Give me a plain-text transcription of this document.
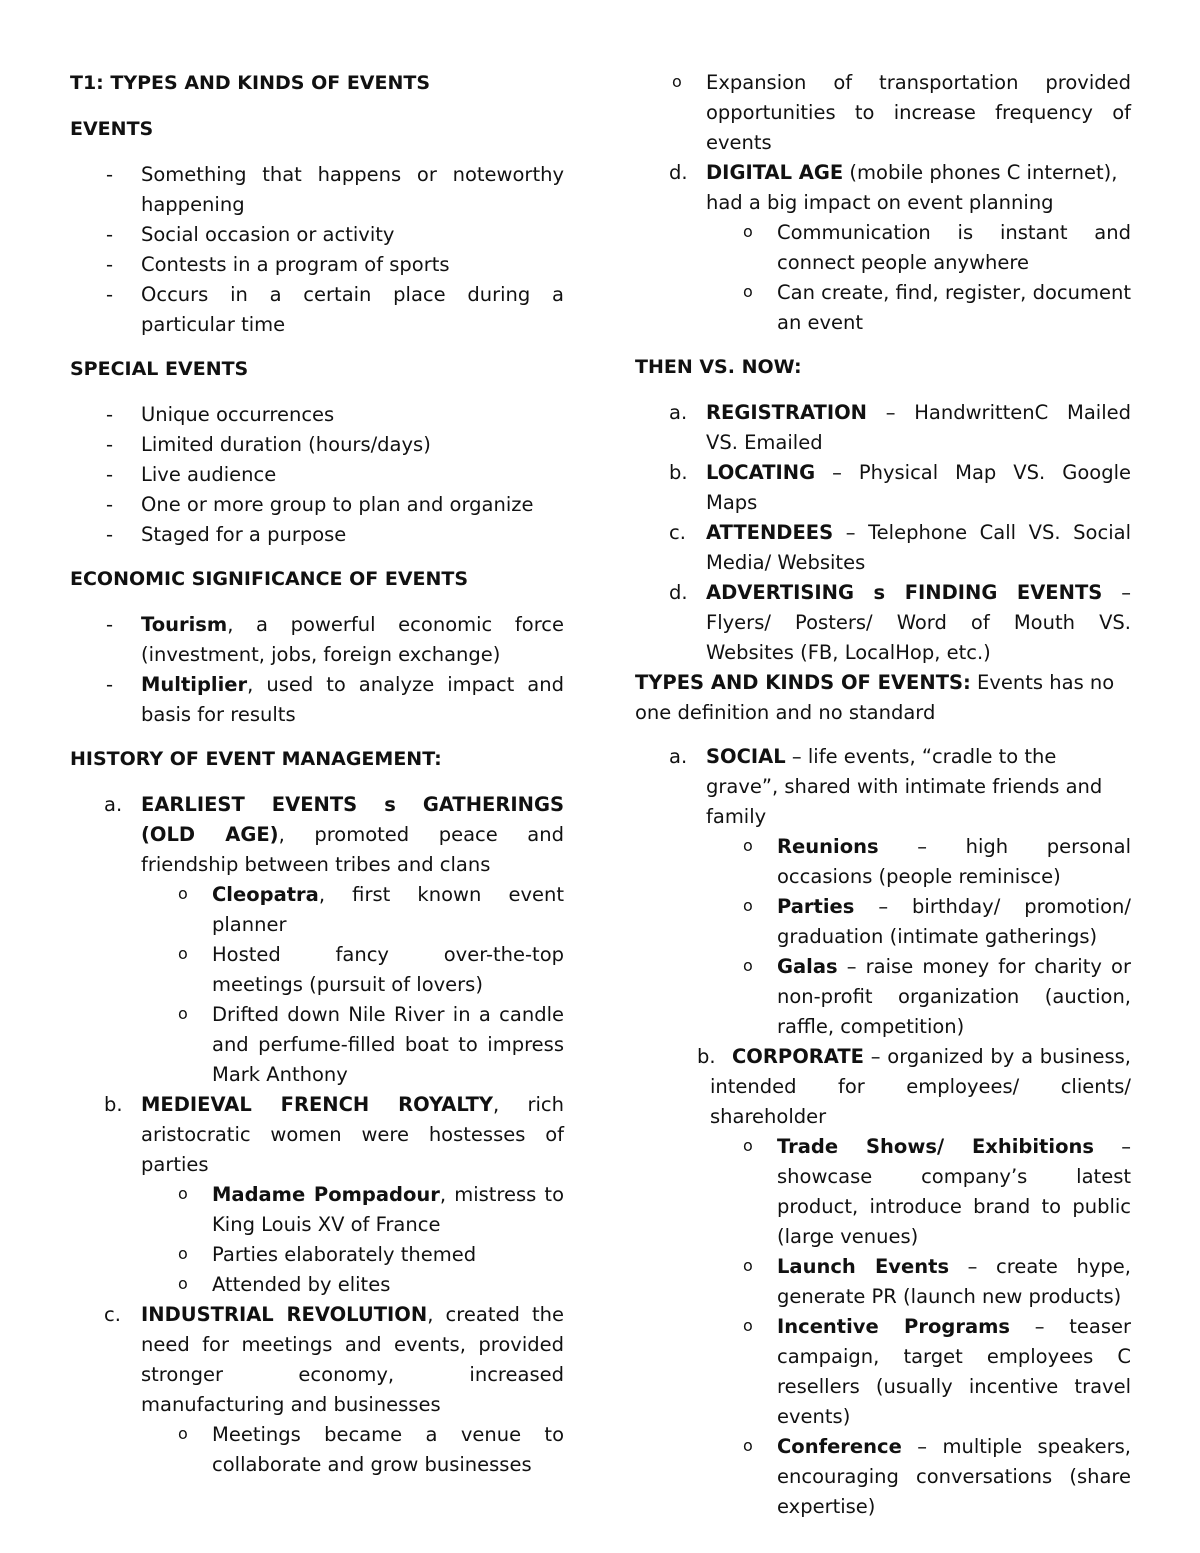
T1: TYPES AND KINDS OF EVENTS

EVENTS

- Something that happens or noteworthy happening
- Social occasion or activity
- Contests in a program of sports
- Occurs in a certain place during a particular time

SPECIAL EVENTS

- Unique occurrences
- Limited duration (hours/days)
- Live audience
- One or more group to plan and organize
- Staged for a purpose

ECONOMIC SIGNIFICANCE OF EVENTS

- Tourism, a powerful economic force (investment, jobs, foreign exchange)
- Multiplier, used to analyze impact and basis for results

HISTORY OF EVENT MANAGEMENT:

a. EARLIEST EVENTS s GATHERINGS (OLD AGE), promoted peace and friendship between tribes and clans
o Cleopatra, first known event planner
o Hosted fancy over-the-top meetings (pursuit of lovers)
o Drifted down Nile River in a candle and perfume-filled boat to impress Mark Anthony
b. MEDIEVAL FRENCH ROYALTY, rich aristocratic women were hostesses of parties
o Madame Pompadour, mistress to King Louis XV of France
o Parties elaborately themed
o Attended by elites
c. INDUSTRIAL REVOLUTION, created the need for meetings and events, provided stronger economy, increased manufacturing and businesses
o Meetings became a venue to collaborate and grow businesses
o Expansion of transportation provided opportunities to increase frequency of events
d. DIGITAL AGE (mobile phones C internet), had a big impact on event planning
o Communication is instant and connect people anywhere
o Can create, find, register, document an event

THEN VS. NOW:

a. REGISTRATION – HandwrittenC Mailed VS. Emailed
b. LOCATING – Physical Map VS. Google Maps
c. ATTENDEES – Telephone Call VS. Social Media/ Websites
d. ADVERTISING s FINDING EVENTS – Flyers/ Posters/ Word of Mouth VS. Websites (FB, LocalHop, etc.)

TYPES AND KINDS OF EVENTS: Events has no one definition and no standard

a. SOCIAL – life events, “cradle to the grave”, shared with intimate friends and family
o Reunions – high personal occasions (people reminisce)
o Parties – birthday/ promotion/ graduation (intimate gatherings)
o Galas – raise money for charity or non-profit organization (auction, raffle, competition)
b. CORPORATE – organized by a business, intended for employees/ clients/ shareholder
o Trade Shows/ Exhibitions – showcase company’s latest product, introduce brand to public (large venues)
o Launch Events – create hype, generate PR (launch new products)
o Incentive Programs – teaser campaign, target employees C resellers (usually incentive travel events)
o Conference – multiple speakers, encouraging conversations (share expertise)
